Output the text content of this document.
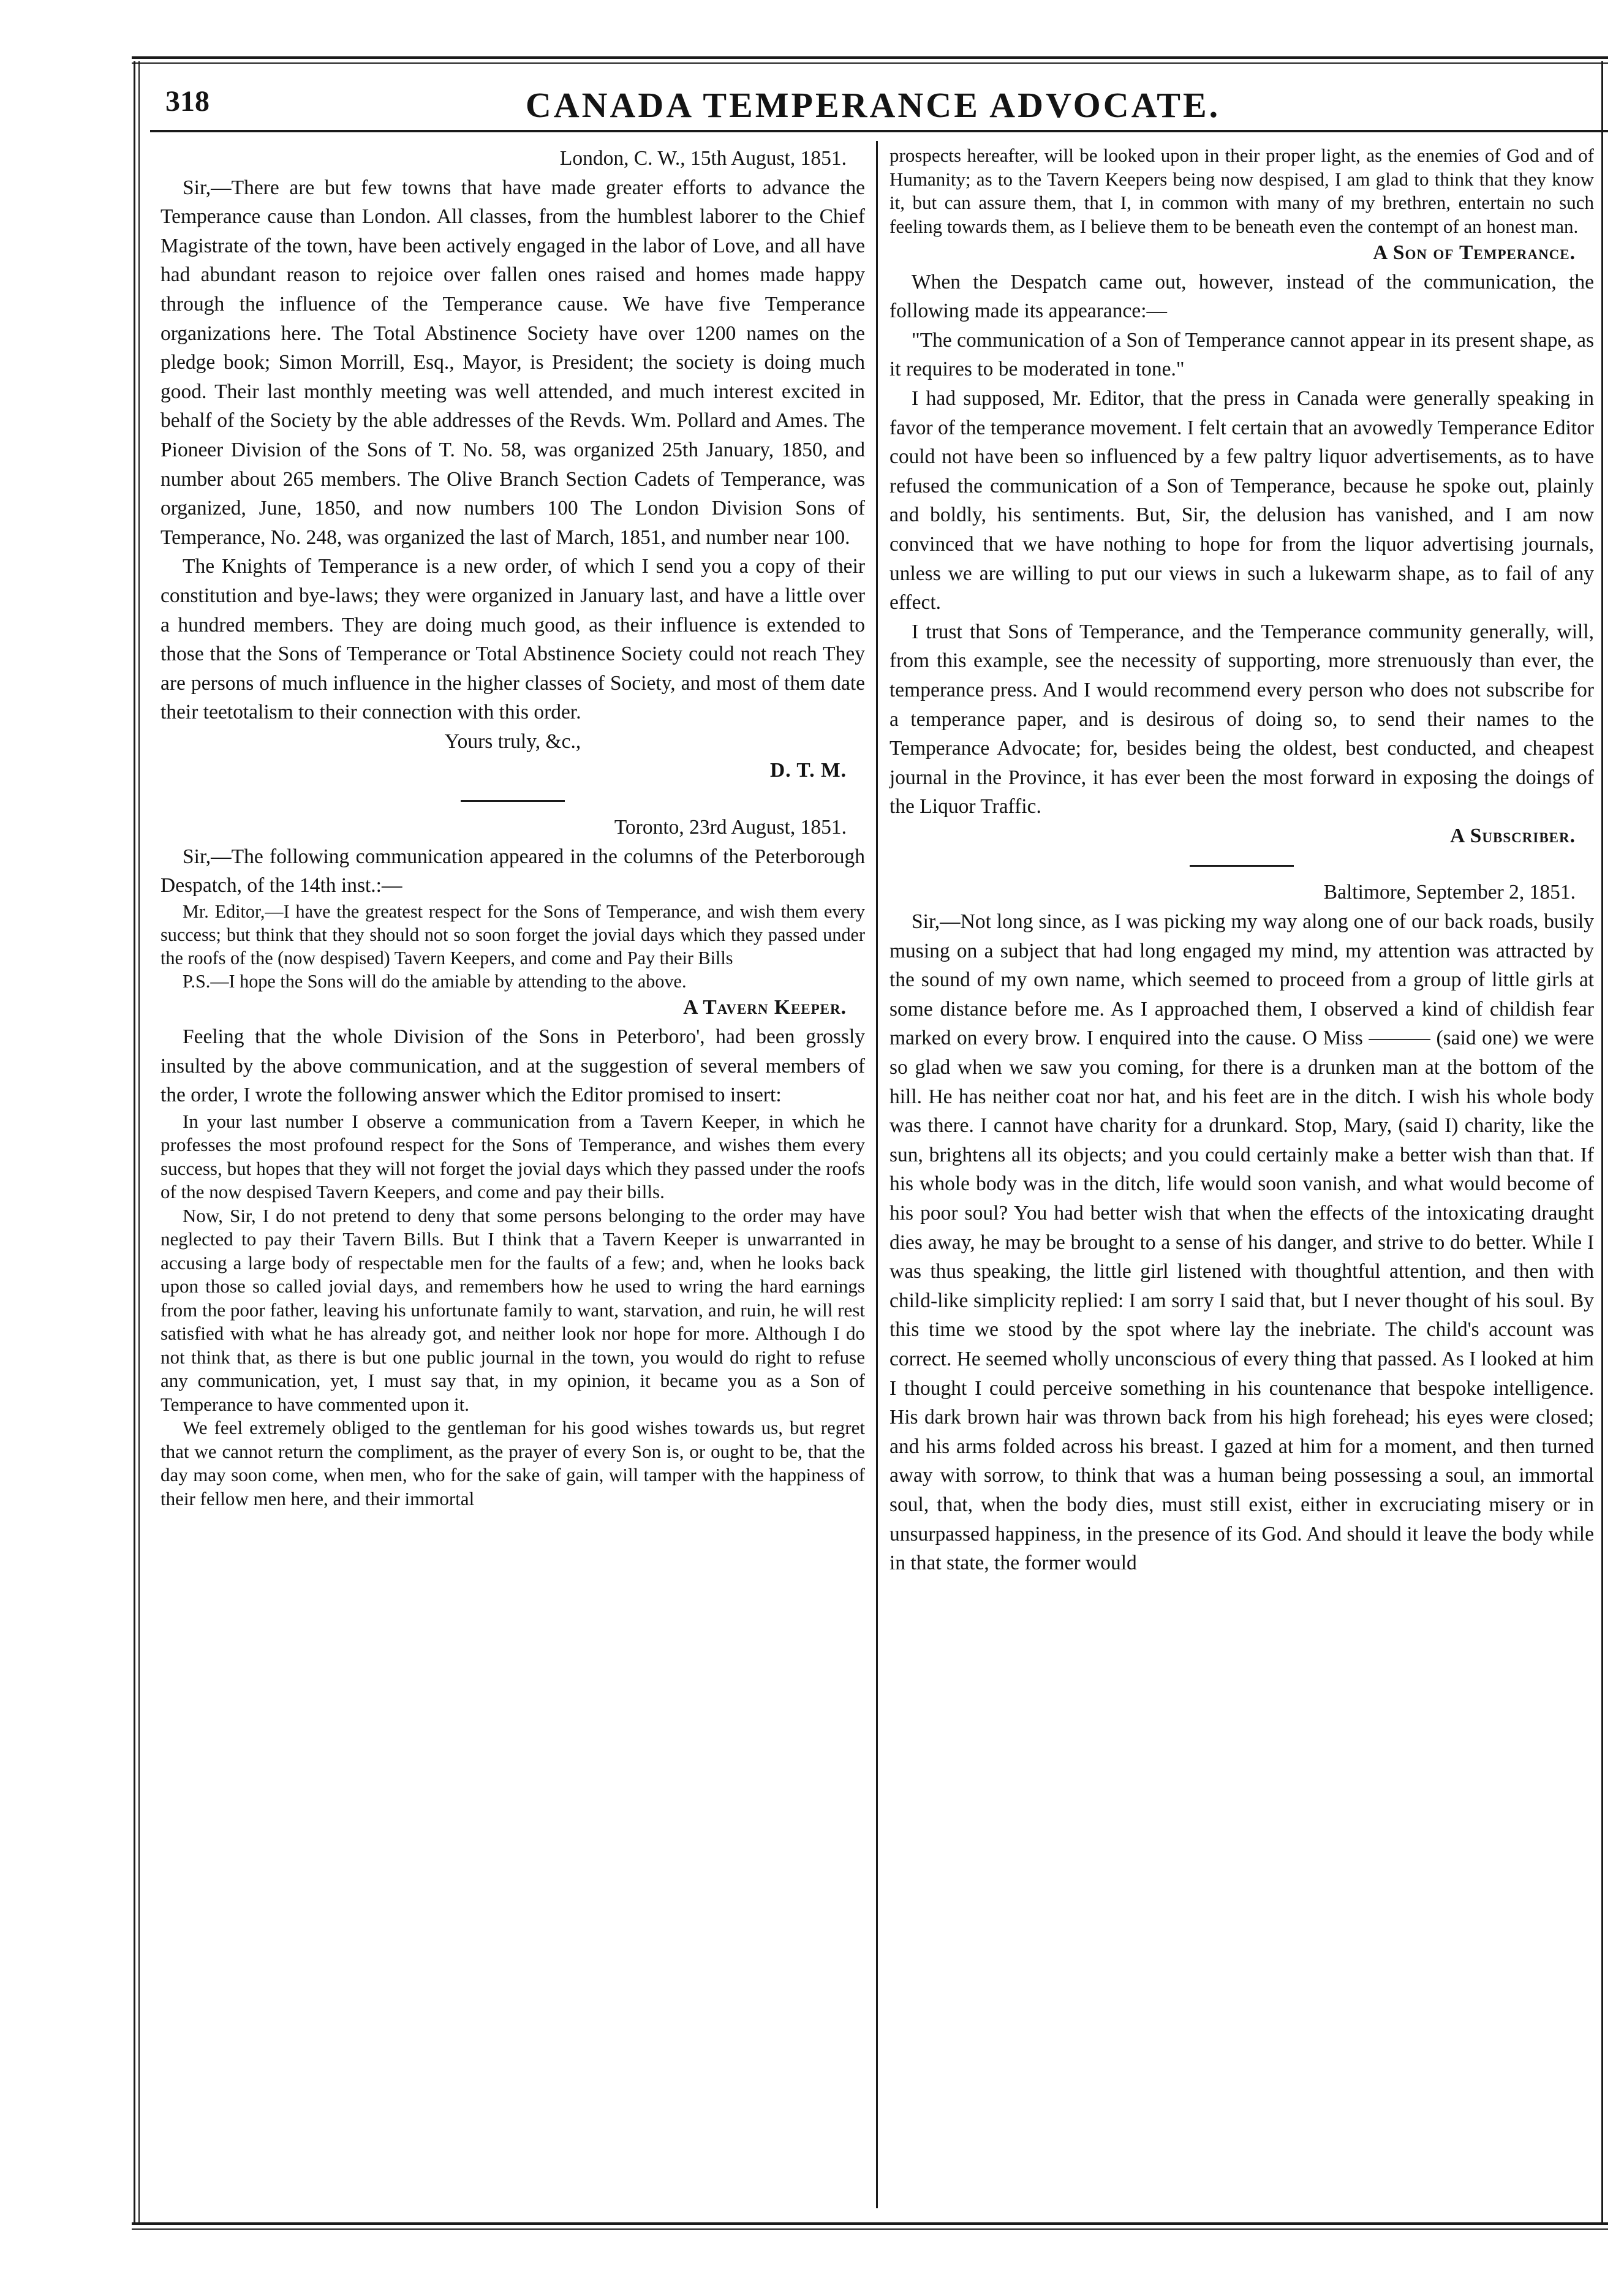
318	CANADA TEMPERANCE ADVOCATE.

London, C. W., 15th August, 1851.

Sir,—There are but few towns that have made greater efforts to advance the Temperance cause than London. All classes, from the humblest laborer to the Chief Magistrate of the town, have been actively engaged in the labor of Love, and all have had abundant reason to rejoice over fallen ones raised and homes made happy through the influence of the Temperance cause. We have five Temperance organizations here. The Total Abstinence Society have over 1200 names on the pledge book; Simon Morrill, Esq., Mayor, is President; the society is doing much good. Their last monthly meeting was well attended, and much interest excited in behalf of the Society by the able addresses of the Revds. Wm. Pollard and Ames. The Pioneer Division of the Sons of T. No. 58, was organized 25th January, 1850, and number about 265 members. The Olive Branch Section Cadets of Temperance, was organized, June, 1850, and now numbers 100 The London Division Sons of Temperance, No. 248, was organized the last of March, 1851, and number near 100.

The Knights of Temperance is a new order, of which I send you a copy of their constitution and bye-laws; they were organized in January last, and have a little over a hundred members. They are doing much good, as their influence is extended to those that the Sons of Temperance or Total Abstinence Society could not reach They are persons of much influence in the higher classes of Society, and most of them date their teetotalism to their connection with this order.

Yours truly, &c.,

D. T. M.

Toronto, 23rd August, 1851.

Sir,—The following communication appeared in the columns of the Peterborough Despatch, of the 14th inst.:—

Mr. Editor,—I have the greatest respect for the Sons of Temperance, and wish them every success; but think that they should not so soon forget the jovial days which they passed under the roofs of the (now despised) Tavern Keepers, and come and Pay their Bills

P.S.—I hope the Sons will do the amiable by attending to the above.

A Tavern Keeper.

Feeling that the whole Division of the Sons in Peterboro', had been grossly insulted by the above communication, and at the suggestion of several members of the order, I wrote the following answer which the Editor promised to insert:

In your last number I observe a communication from a Tavern Keeper, in which he professes the most profound respect for the Sons of Temperance, and wishes them every success, but hopes that they will not forget the jovial days which they passed under the roofs of the now despised Tavern Keepers, and come and pay their bills.

Now, Sir, I do not pretend to deny that some persons belonging to the order may have neglected to pay their Tavern Bills. But I think that a Tavern Keeper is unwarranted in accusing a large body of respectable men for the faults of a few; and, when he looks back upon those so called jovial days, and remembers how he used to wring the hard earnings from the poor father, leaving his unfortunate family to want, starvation, and ruin, he will rest satisfied with what he has already got, and neither look nor hope for more. Although I do not think that, as there is but one public journal in the town, you would do right to refuse any communication, yet, I must say that, in my opinion, it became you as a Son of Temperance to have commented upon it.

We feel extremely obliged to the gentleman for his good wishes towards us, but regret that we cannot return the compliment, as the prayer of every Son is, or ought to be, that the day may soon come, when men, who for the sake of gain, will tamper with the happiness of their fellow men here, and their immortal

prospects hereafter, will be looked upon in their proper light, as the enemies of God and of Humanity; as to the Tavern Keepers being now despised, I am glad to think that they know it, but can assure them, that I, in common with many of my brethren, entertain no such feeling towards them, as I believe them to be beneath even the contempt of an honest man.

A Son of Temperance.

When the Despatch came out, however, instead of the communication, the following made its appearance:—

"The communication of a Son of Temperance cannot appear in its present shape, as it requires to be moderated in tone."

I had supposed, Mr. Editor, that the press in Canada were generally speaking in favor of the temperance movement. I felt certain that an avowedly Temperance Editor could not have been so influenced by a few paltry liquor advertisements, as to have refused the communication of a Son of Temperance, because he spoke out, plainly and boldly, his sentiments. But, Sir, the delusion has vanished, and I am now convinced that we have nothing to hope for from the liquor advertising journals, unless we are willing to put our views in such a lukewarm shape, as to fail of any effect.

I trust that Sons of Temperance, and the Temperance community generally, will, from this example, see the necessity of supporting, more strenuously than ever, the temperance press. And I would recommend every person who does not subscribe for a temperance paper, and is desirous of doing so, to send their names to the Temperance Advocate; for, besides being the oldest, best conducted, and cheapest journal in the Province, it has ever been the most forward in exposing the doings of the Liquor Traffic.

A Subscriber.

Baltimore, September 2, 1851.

Sir,—Not long since, as I was picking my way along one of our back roads, busily musing on a subject that had long engaged my mind, my attention was attracted by the sound of my own name, which seemed to proceed from a group of little girls at some distance before me. As I approached them, I observed a kind of childish fear marked on every brow. I enquired into the cause. O Miss ——— (said one) we were so glad when we saw you coming, for there is a drunken man at the bottom of the hill. He has neither coat nor hat, and his feet are in the ditch. I wish his whole body was there. I cannot have charity for a drunkard. Stop, Mary, (said I) charity, like the sun, brightens all its objects; and you could certainly make a better wish than that. If his whole body was in the ditch, life would soon vanish, and what would become of his poor soul? You had better wish that when the effects of the intoxicating draught dies away, he may be brought to a sense of his danger, and strive to do better. While I was thus speaking, the little girl listened with thoughtful attention, and then with child-like simplicity replied: I am sorry I said that, but I never thought of his soul. By this time we stood by the spot where lay the inebriate. The child's account was correct. He seemed wholly unconscious of every thing that passed. As I looked at him I thought I could perceive something in his countenance that bespoke intelligence. His dark brown hair was thrown back from his high forehead; his eyes were closed; and his arms folded across his breast. I gazed at him for a moment, and then turned away with sorrow, to think that was a human being possessing a soul, an immortal soul, that, when the body dies, must still exist, either in excruciating misery or in unsurpassed happiness, in the presence of its God. And should it leave the body while in that state, the former would
